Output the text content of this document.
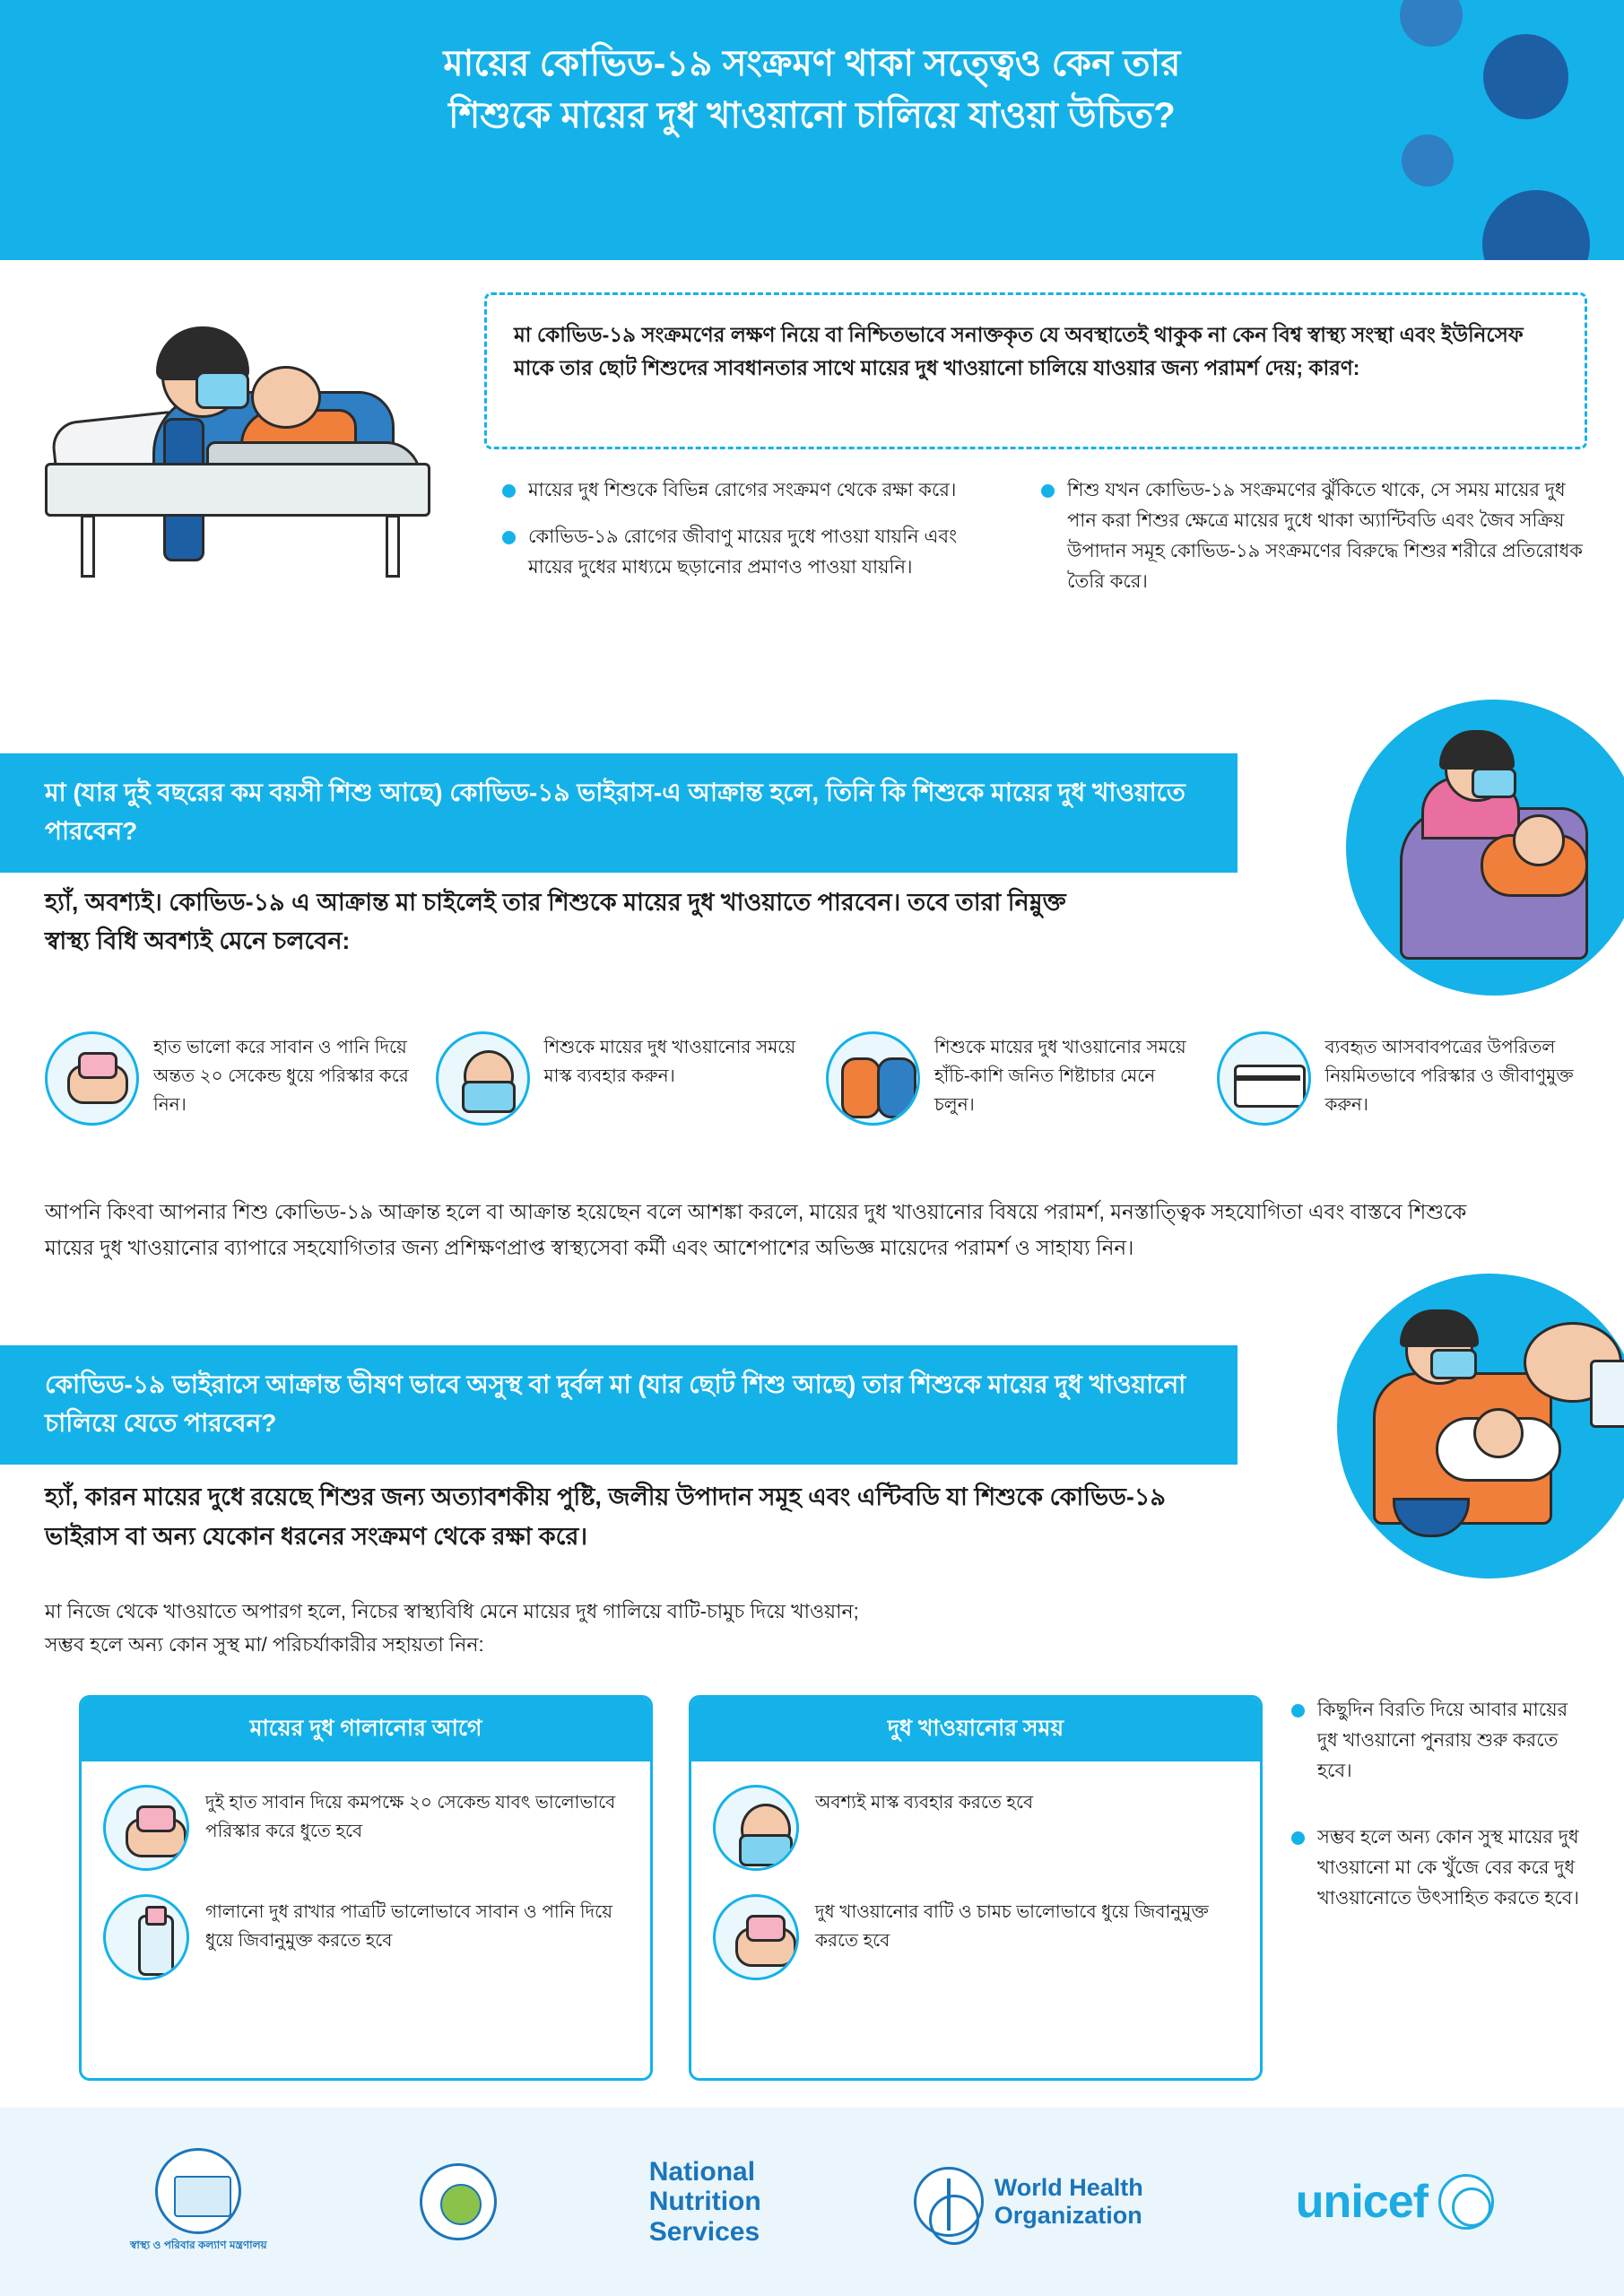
মায়ের কোভিড-১৯ সংক্রমণ থাকা সত্ত্বেও কেন তার
শিশুকে মায়ের দুধ খাওয়ানো চালিয়ে যাওয়া উচিত?

মা কোভিড-১৯ সংক্রমণের লক্ষণ নিয়ে বা নিশ্চিতভাবে সনাক্তকৃত যে অবস্থাতেই থাকুক না কেন বিশ্ব স্বাস্থ্য সংস্থা এবং ইউনিসেফ মাকে তার ছোট শিশুদের সাবধানতার সাথে মায়ের দুধ খাওয়ানো চালিয়ে যাওয়ার জন্য পরামর্শ দেয়; কারণ:

মায়ের দুধ শিশুকে বিভিন্ন রোগের সংক্রমণ থেকে রক্ষা করে।
কোভিড-১৯ রোগের জীবাণু মায়ের দুধে পাওয়া যায়নি এবং মায়ের দুধের মাধ্যমে ছড়ানোর প্রমাণও পাওয়া যায়নি।
শিশু যখন কোভিড-১৯ সংক্রমণের ঝুঁকিতে থাকে, সে সময় মায়ের দুধ পান করা শিশুর ক্ষেত্রে মায়ের দুধে থাকা অ্যান্টিবডি এবং জৈব সক্রিয় উপাদান সমূহ কোভিড-১৯ সংক্রমণের বিরুদ্ধে শিশুর শরীরে প্রতিরোধক তৈরি করে।
মা (যার দুই বছরের কম বয়সী শিশু আছে) কোভিড-১৯ ভাইরাস-এ আক্রান্ত হলে, তিনি কি শিশুকে মায়ের দুধ খাওয়াতে পারবেন?
হ্যাঁ, অবশ্যই। কোভিড-১৯ এ আক্রান্ত মা চাইলেই তার শিশুকে মায়ের দুধ খাওয়াতে পারবেন। তবে তারা নিম্নুক্ত স্বাস্থ্য বিধি অবশ্যই মেনে চলবেন:
হাত ভালো করে সাবান ও পানি দিয়ে অন্তত ২০ সেকেন্ড ধুয়ে পরিস্কার করে নিন।
শিশুকে মায়ের দুধ খাওয়ানোর সময়ে মাস্ক ব্যবহার করুন।
শিশুকে মায়ের দুধ খাওয়ানোর সময়ে হাঁচি-কাশি জনিত শিষ্টাচার মেনে চলুন।
ব্যবহৃত আসবাবপত্রের উপরিতল নিয়মিতভাবে পরিস্কার ও জীবাণুমুক্ত করুন।
আপনি কিংবা আপনার শিশু কোভিড-১৯ আক্রান্ত হলে বা আক্রান্ত হয়েছেন বলে আশঙ্কা করলে, মায়ের দুধ খাওয়ানোর বিষয়ে পরামর্শ, মনস্তাত্ত্বিক সহযোগিতা এবং বাস্তবে শিশুকে মায়ের দুধ খাওয়ানোর ব্যাপারে সহযোগিতার জন্য প্রশিক্ষণপ্রাপ্ত স্বাস্থ্যসেবা কর্মী এবং আশেপাশের অভিজ্ঞ মায়েদের পরামর্শ ও সাহায্য নিন।
কোভিড-১৯ ভাইরাসে আক্রান্ত ভীষণ ভাবে অসুস্থ বা দুর্বল মা (যার ছোট শিশু আছে) তার শিশুকে মায়ের দুধ খাওয়ানো চালিয়ে যেতে পারবেন?
হ্যাঁ, কারন মায়ের দুধে রয়েছে শিশুর জন্য অত্যাবশকীয় পুষ্টি, জলীয় উপাদান সমূহ এবং এন্টিবডি যা শিশুকে কোভিড-১৯ ভাইরাস বা অন্য যেকোন ধরনের সংক্রমণ থেকে রক্ষা করে।
মা নিজে থেকে খাওয়াতে অপারগ হলে, নিচের স্বাস্থ্যবিধি মেনে মায়ের দুধ গালিয়ে বাটি-চামুচ দিয়ে খাওয়ান;
সম্ভব হলে অন্য কোন সুস্থ মা/ পরিচর্যাকারীর সহায়তা নিন:
মায়ের দুধ গালানোর আগে
দুই হাত সাবান দিয়ে কমপক্ষে ২০ সেকেন্ড যাবৎ ভালোভাবে পরিস্কার করে ধুতে হবে
গালানো দুধ রাখার পাত্রটি ভালোভাবে সাবান ও পানি দিয়ে ধুয়ে জিবানুমুক্ত করতে হবে
দুধ খাওয়ানোর সময়
অবশ্যই মাস্ক ব্যবহার করতে হবে
দুধ খাওয়ানোর বাটি ও চামচ ভালোভাবে ধুয়ে জিবানুমুক্ত করতে হবে
কিছুদিন বিরতি দিয়ে আবার মায়ের দুধ খাওয়ানো পুনরায় শুরু করতে হবে।
সম্ভব হলে অন্য কোন সুস্থ মায়ের দুধ খাওয়ানো মা কে খুঁজে বের করে দুধ খাওয়ানোতে উৎসাহিত করতে হবে।
স্বাস্থ্য ও পরিবার কল্যাণ মন্ত্রণালয়
National
Nutrition
Services
World Health
Organization	unicef
